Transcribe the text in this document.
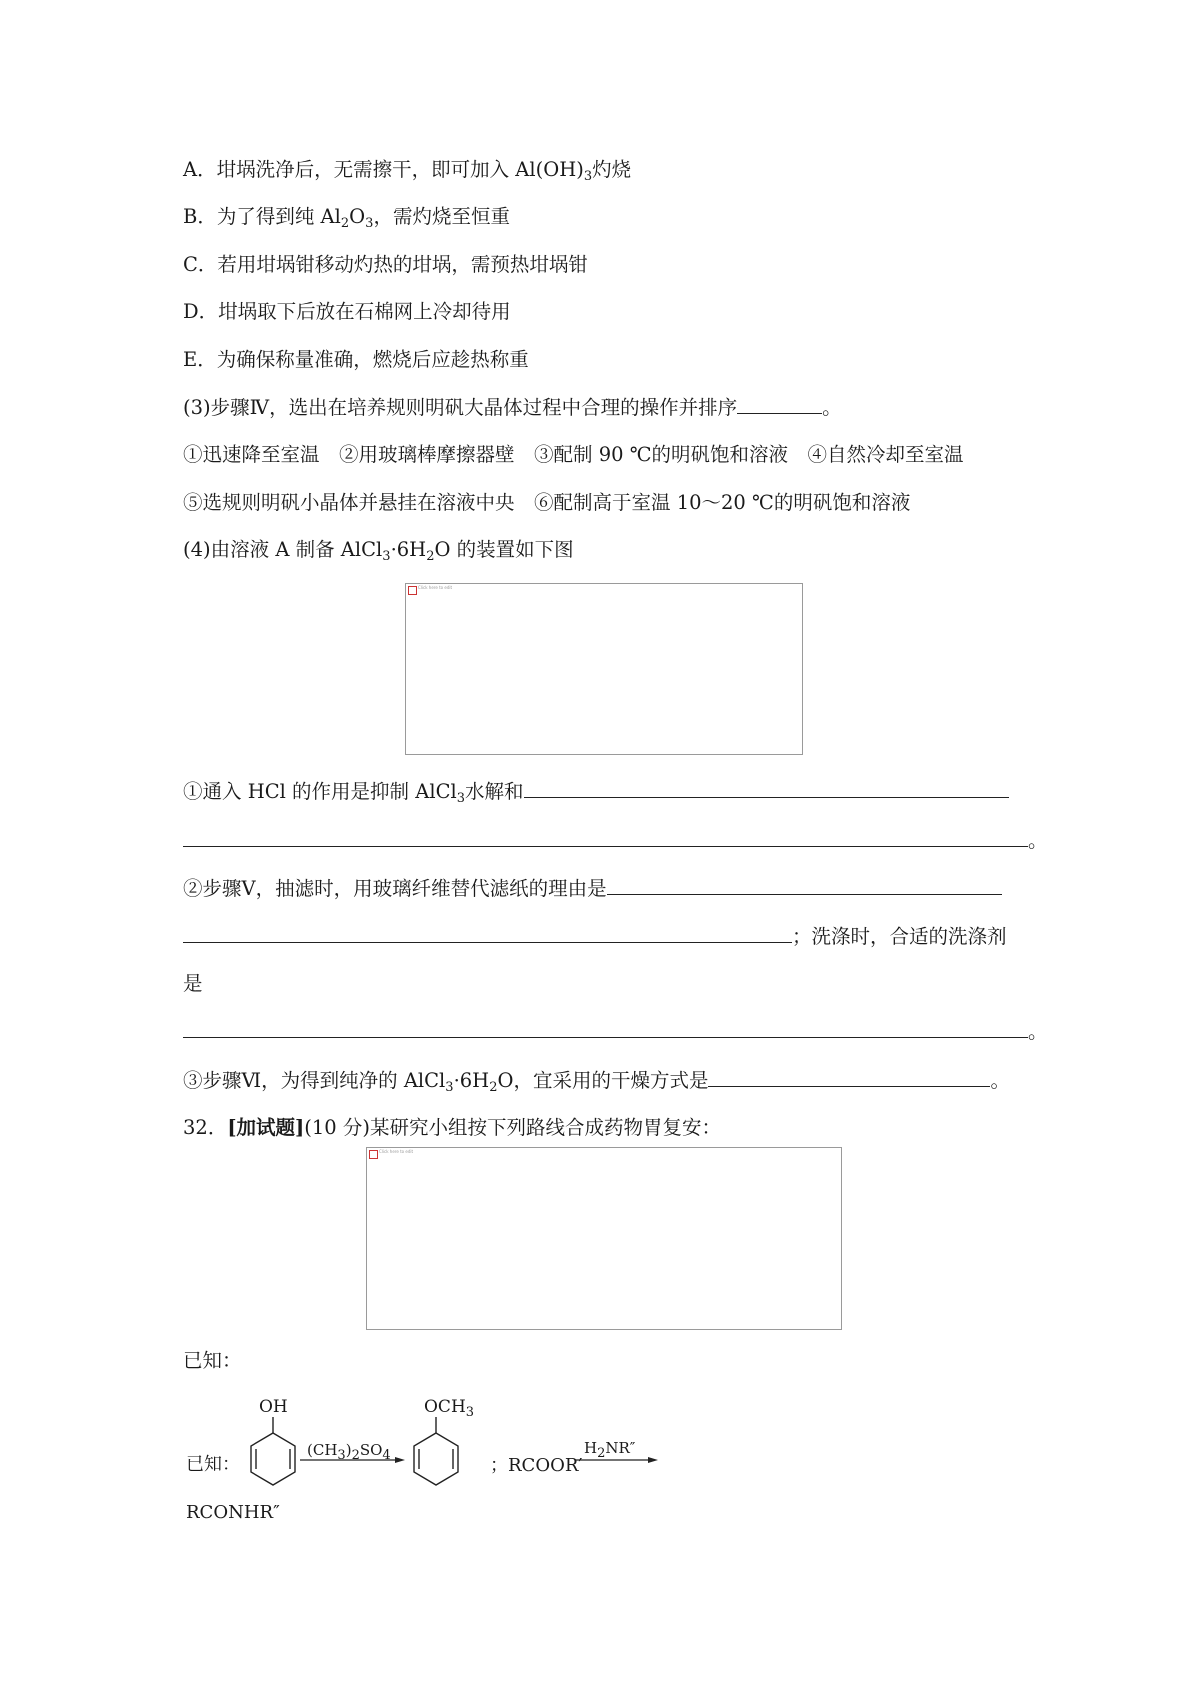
A．坩埚洗净后，无需擦干，即可加入 $Al(OH)_3$灼烧
B．为了得到纯 $Al_2O_3$，需灼烧至恒重
C．若用坩埚钳移动灼热的坩埚，需预热坩埚钳
D．坩埚取下后放在石棉网上冷却待用
E．为确保称量准确，燃烧后应趁热称重
(3)步骤Ⅳ，选出在培养规则明矾大晶体过程中合理的操作并排序	。
①迅速降至室温　②用玻璃棒摩擦器壁　③配制 90 ℃的明矾饱和溶液　④自然冷却至室温
⑤选规则明矾小晶体并悬挂在溶液中央　⑥配制高于室温 10～20 ℃的明矾饱和溶液
(4)由溶液 A 制备 $AlCl_3\cdot 6H_2O$ 的装置如下图
Click here to edit
①通入 HCl 的作用是抑制 AlCl$_3$水解和
。
②步骤Ⅴ，抽滤时，用玻璃纤维替代滤纸的理由是
；洗涤时，合适的洗涤剂
是
。
③步骤Ⅵ，为得到纯净的 $AlCl_3\cdot 6H_2O$，宜采用的干燥方式是	。
32．[加试题](10 分)某研究小组按下列路线合成药物胃复安：
Click here to edit
已知：
已知：
OH	$OCH_3$
$(CH_3)_2SO_4$	；RCOOR′
$H_2NR''$
RCONHR″
